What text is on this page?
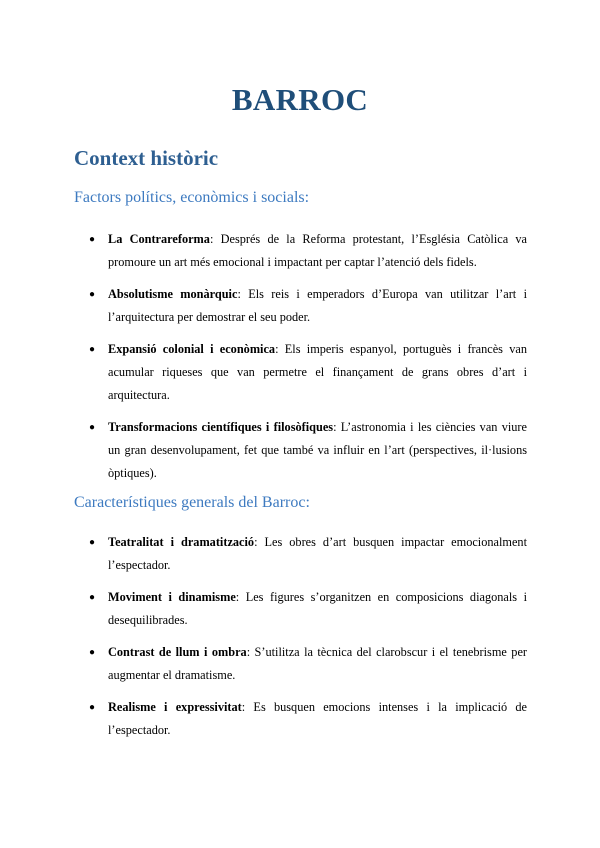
BARROC
Context històric
Factors polítics, econòmics i socials:
● La Contrareforma: Després de la Reforma protestant, l’Església Catòlica va promoure un art més emocional i impactant per captar l’atenció dels fidels.
● Absolutisme monàrquic: Els reis i emperadors d’Europa van utilitzar l’art i l’arquitectura per demostrar el seu poder.
● Expansió colonial i econòmica: Els imperis espanyol, portuguès i francès van acumular riqueses que van permetre el finançament de grans obres d’art i arquitectura.
● Transformacions científiques i filosòfiques: L’astronomia i les ciències van viure un gran desenvolupament, fet que també va influir en l’art (perspectives, il·lusions òptiques).
Característiques generals del Barroc:
● Teatralitat i dramatització: Les obres d’art busquen impactar emocionalment l’espectador.
● Moviment i dinamisme: Les figures s’organitzen en composicions diagonals i desequilibrades.
● Contrast de llum i ombra: S’utilitza la tècnica del clarobscur i el tenebrisme per augmentar el dramatisme.
● Realisme i expressivitat: Es busquen emocions intenses i la implicació de l’espectador.
